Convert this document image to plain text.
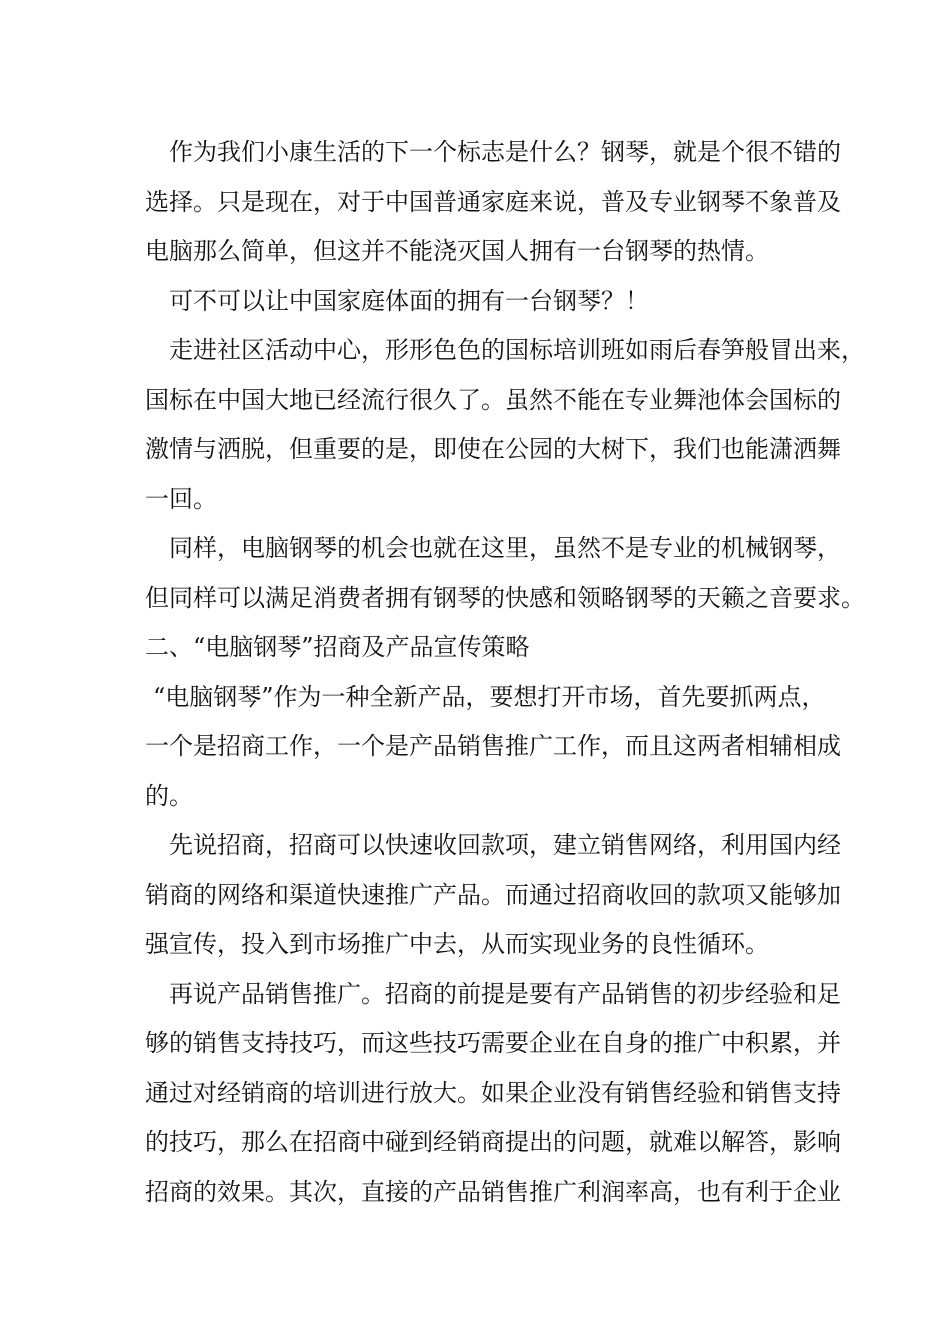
作为我们小康生活的下一个标志是什么？钢琴，就是个很不错的

选择。只是现在，对于中国普通家庭来说，普及专业钢琴不象普及

电脑那么简单，但这并不能浇灭国人拥有一台钢琴的热情。

可不可以让中国家庭体面的拥有一台钢琴？！

走进社区活动中心，形形色色的国标培训班如雨后春笋般冒出来，

国标在中国大地已经流行很久了。虽然不能在专业舞池体会国标的

激情与洒脱，但重要的是，即使在公园的大树下，我们也能潇洒舞

一回。

同样，电脑钢琴的机会也就在这里，虽然不是专业的机械钢琴，

但同样可以满足消费者拥有钢琴的快感和领略钢琴的天籁之音要求。

二、“电脑钢琴”招商及产品宣传策略

“电脑钢琴”作为一种全新产品，要想打开市场，首先要抓两点，

一个是招商工作，一个是产品销售推广工作，而且这两者相辅相成

的。

先说招商，招商可以快速收回款项，建立销售网络，利用国内经

销商的网络和渠道快速推广产品。而通过招商收回的款项又能够加

强宣传，投入到市场推广中去，从而实现业务的良性循环。

再说产品销售推广。招商的前提是要有产品销售的初步经验和足

够的销售支持技巧，而这些技巧需要企业在自身的推广中积累，并

通过对经销商的培训进行放大。如果企业没有销售经验和销售支持

的技巧，那么在招商中碰到经销商提出的问题，就难以解答，影响

招商的效果。其次，直接的产品销售推广利润率高，也有利于企业
